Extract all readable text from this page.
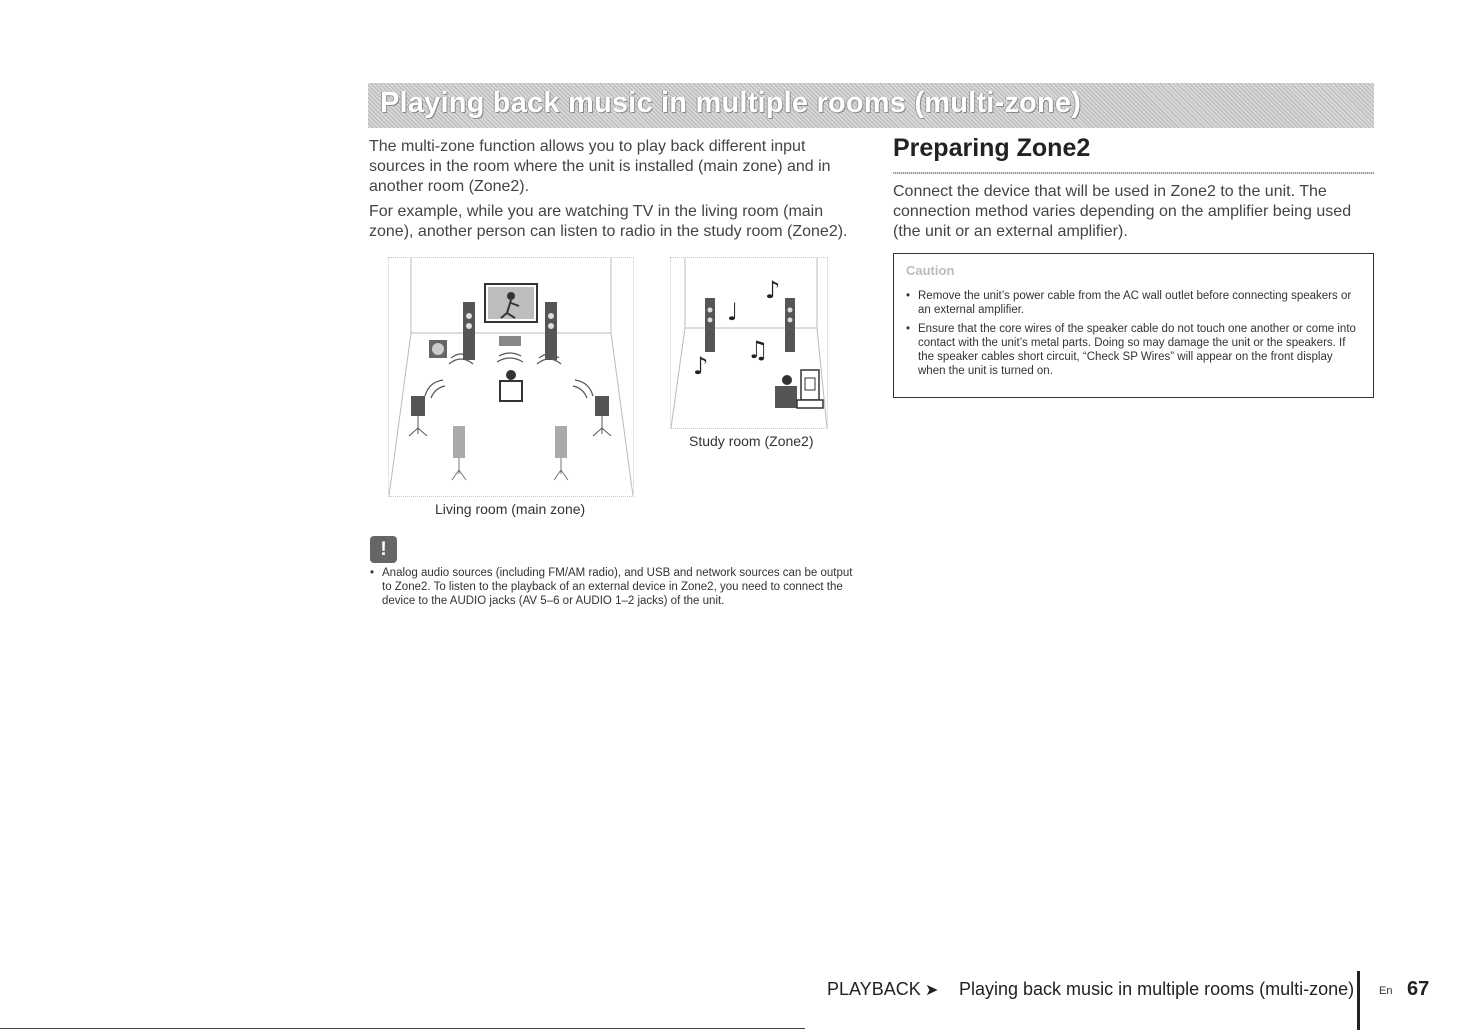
Playing back music in multiple rooms (multi-zone)

The multi-zone function allows you to play back different input sources in the room where the unit is installed (main zone) and in another room (Zone2).

For example, while you are watching TV in the living room (main zone), another person can listen to radio in the study room (Zone2).

Living room (main zone)
♪
♩
♫
♪
Study room (Zone2)
!
• Analog audio sources (including FM/AM radio), and USB and network sources can be output to Zone2. To listen to the playback of an external device in Zone2, you need to connect the device to the AUDIO jacks (AV 5–6 or AUDIO 1–2 jacks) of the unit.
Preparing Zone2
Connect the device that will be used in Zone2 to the unit. The connection method varies depending on the amplifier being used (the unit or an external amplifier).
Caution
• Remove the unit’s power cable from the AC wall outlet before connecting speakers or an external amplifier.
• Ensure that the core wires of the speaker cable do not touch one another or come into contact with the unit’s metal parts. Doing so may damage the unit or the speakers. If the speaker cables short circuit, “Check SP Wires” will appear on the front display when the unit is turned on.
PLAYBACK ➤ Playing back music in multiple rooms (multi-zone) En 67
